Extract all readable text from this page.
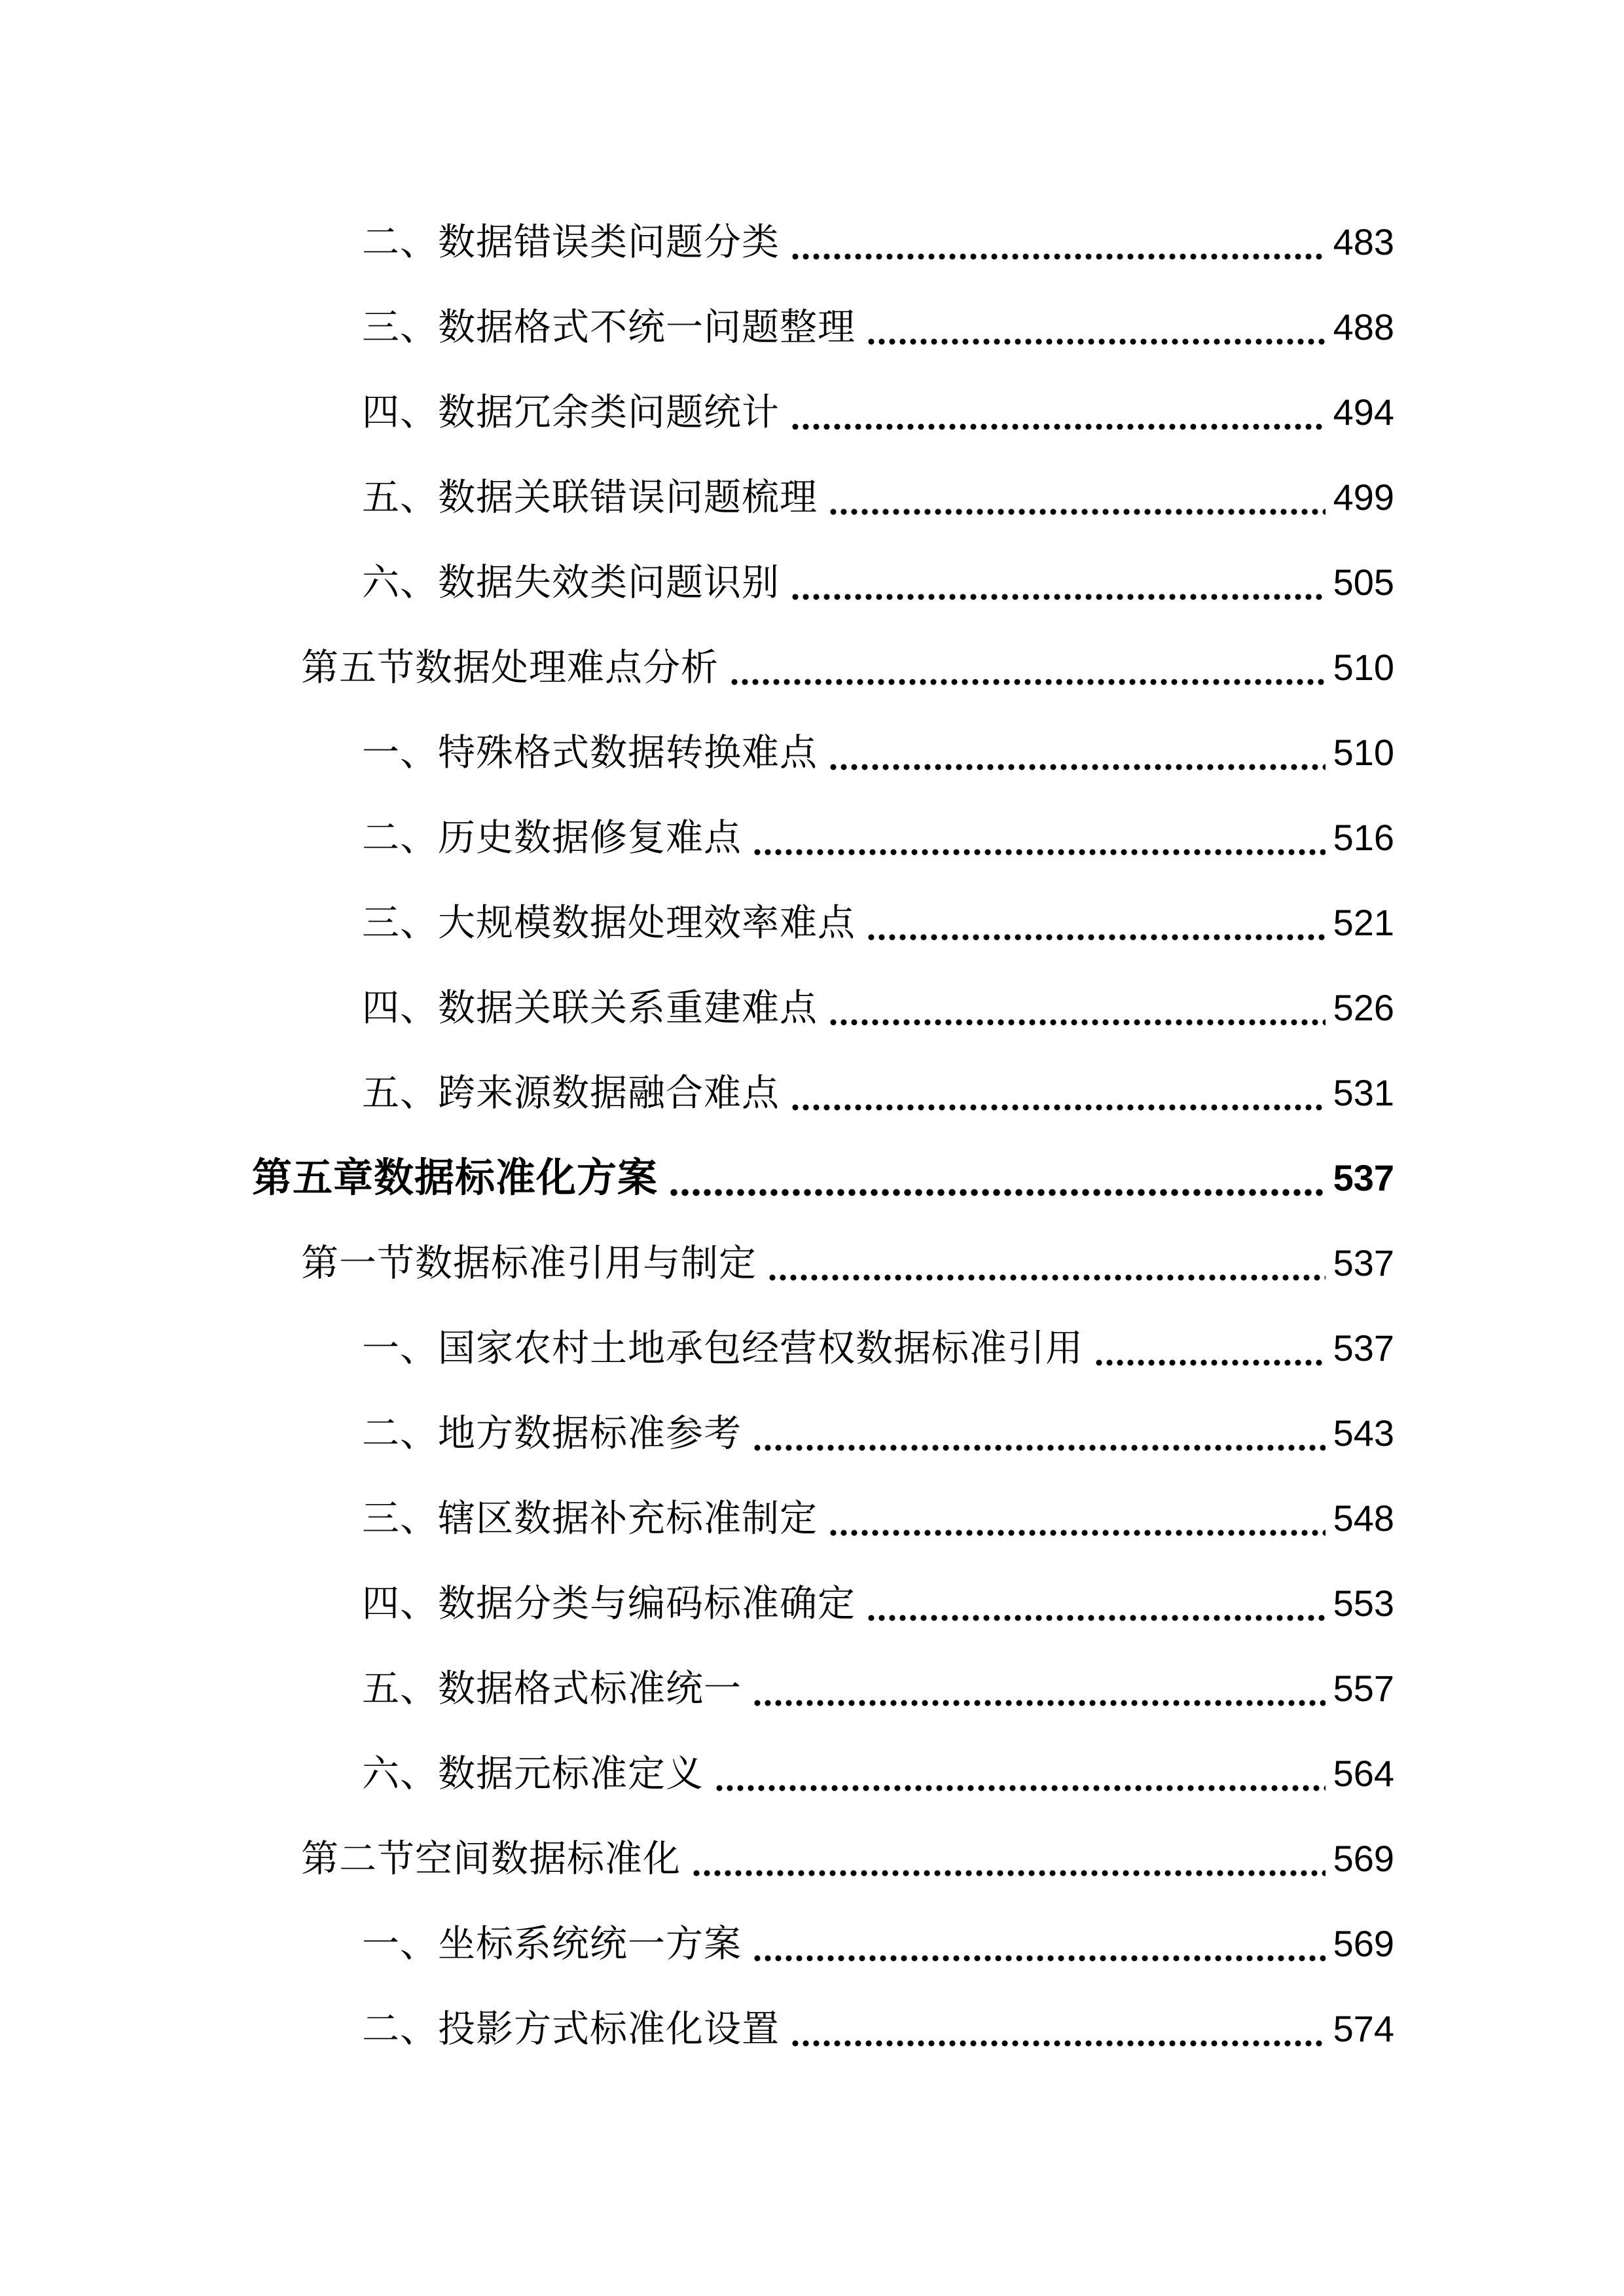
二、数据错误类问题分类	483
三、数据格式不统一问题整理	488
四、数据冗余类问题统计	494
五、数据关联错误问题梳理	499
六、数据失效类问题识别	505
第五节数据处理难点分析	510
一、特殊格式数据转换难点	510
二、历史数据修复难点	516
三、大规模数据处理效率难点	521
四、数据关联关系重建难点	526
五、跨来源数据融合难点	531
第五章数据标准化方案	537
第一节数据标准引用与制定	537
一、国家农村土地承包经营权数据标准引用	537
二、地方数据标准参考	543
三、辖区数据补充标准制定	548
四、数据分类与编码标准确定	553
五、数据格式标准统一	557
六、数据元标准定义	564
第二节空间数据标准化	569
一、坐标系统统一方案	569
二、投影方式标准化设置	574
